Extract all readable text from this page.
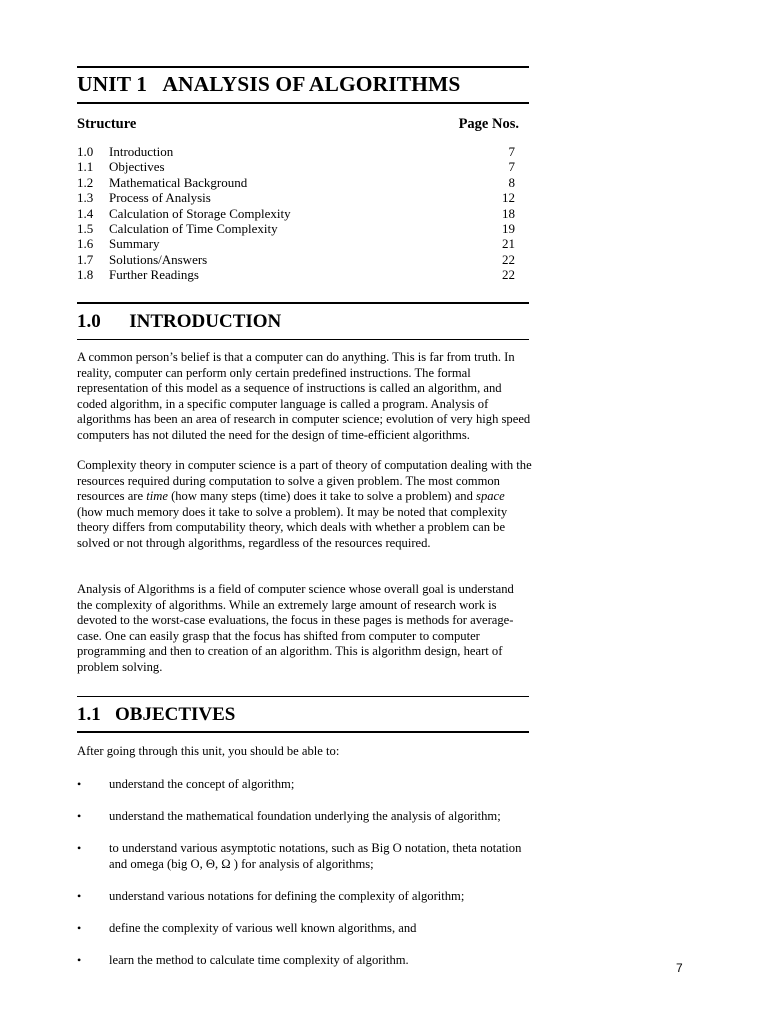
UNIT 1   ANALYSIS OF ALGORITHMS
Structure	Page Nos.
1.0	Introduction	7
1.1	Objectives	7
1.2	Mathematical Background	8
1.3	Process of Analysis	12
1.4	Calculation of Storage Complexity	18
1.5	Calculation of Time Complexity	19
1.6	Summary	21
1.7	Solutions/Answers	22
1.8	Further Readings	22
1.0      INTRODUCTION

A common person’s belief is that a computer can do anything. This is far from truth. In reality, computer can perform only certain predefined instructions. The formal representation of this model as a sequence of instructions is called an algorithm, and coded algorithm, in a specific computer language is called a program. Analysis of algorithms has been an area of research in computer science; evolution of very high speed computers has not diluted the need for the design of time-efficient algorithms.

Complexity theory in computer science is a part of theory of computation dealing with the resources required during computation to solve a given problem. The most common resources are time (how many steps (time) does it take to solve a problem) and space (how much memory does it take to solve a problem). It may be noted that complexity theory differs from computability theory, which deals with whether a problem can be solved or not through algorithms, regardless of the resources required.

Analysis of Algorithms is a field of computer science whose overall goal is understand the complexity of algorithms. While an extremely large amount of research work is devoted to the worst-case evaluations, the focus in these pages is methods for average-case. One can easily grasp that the focus has shifted from computer to computer programming and then to creation of an algorithm. This is algorithm design, heart of problem solving.

1.1   OBJECTIVES
After going through this unit, you should be able to:
•	understand the concept of algorithm;
•	understand the mathematical foundation underlying the analysis of algorithm;
•	to understand various asymptotic notations, such as Big O notation, theta notation and omega (big O, Θ, Ω ) for analysis of algorithms;
•	understand various notations for defining the complexity of algorithm;
•	define the complexity of various well known algorithms, and
•	learn the method to calculate time complexity of algorithm.
7
